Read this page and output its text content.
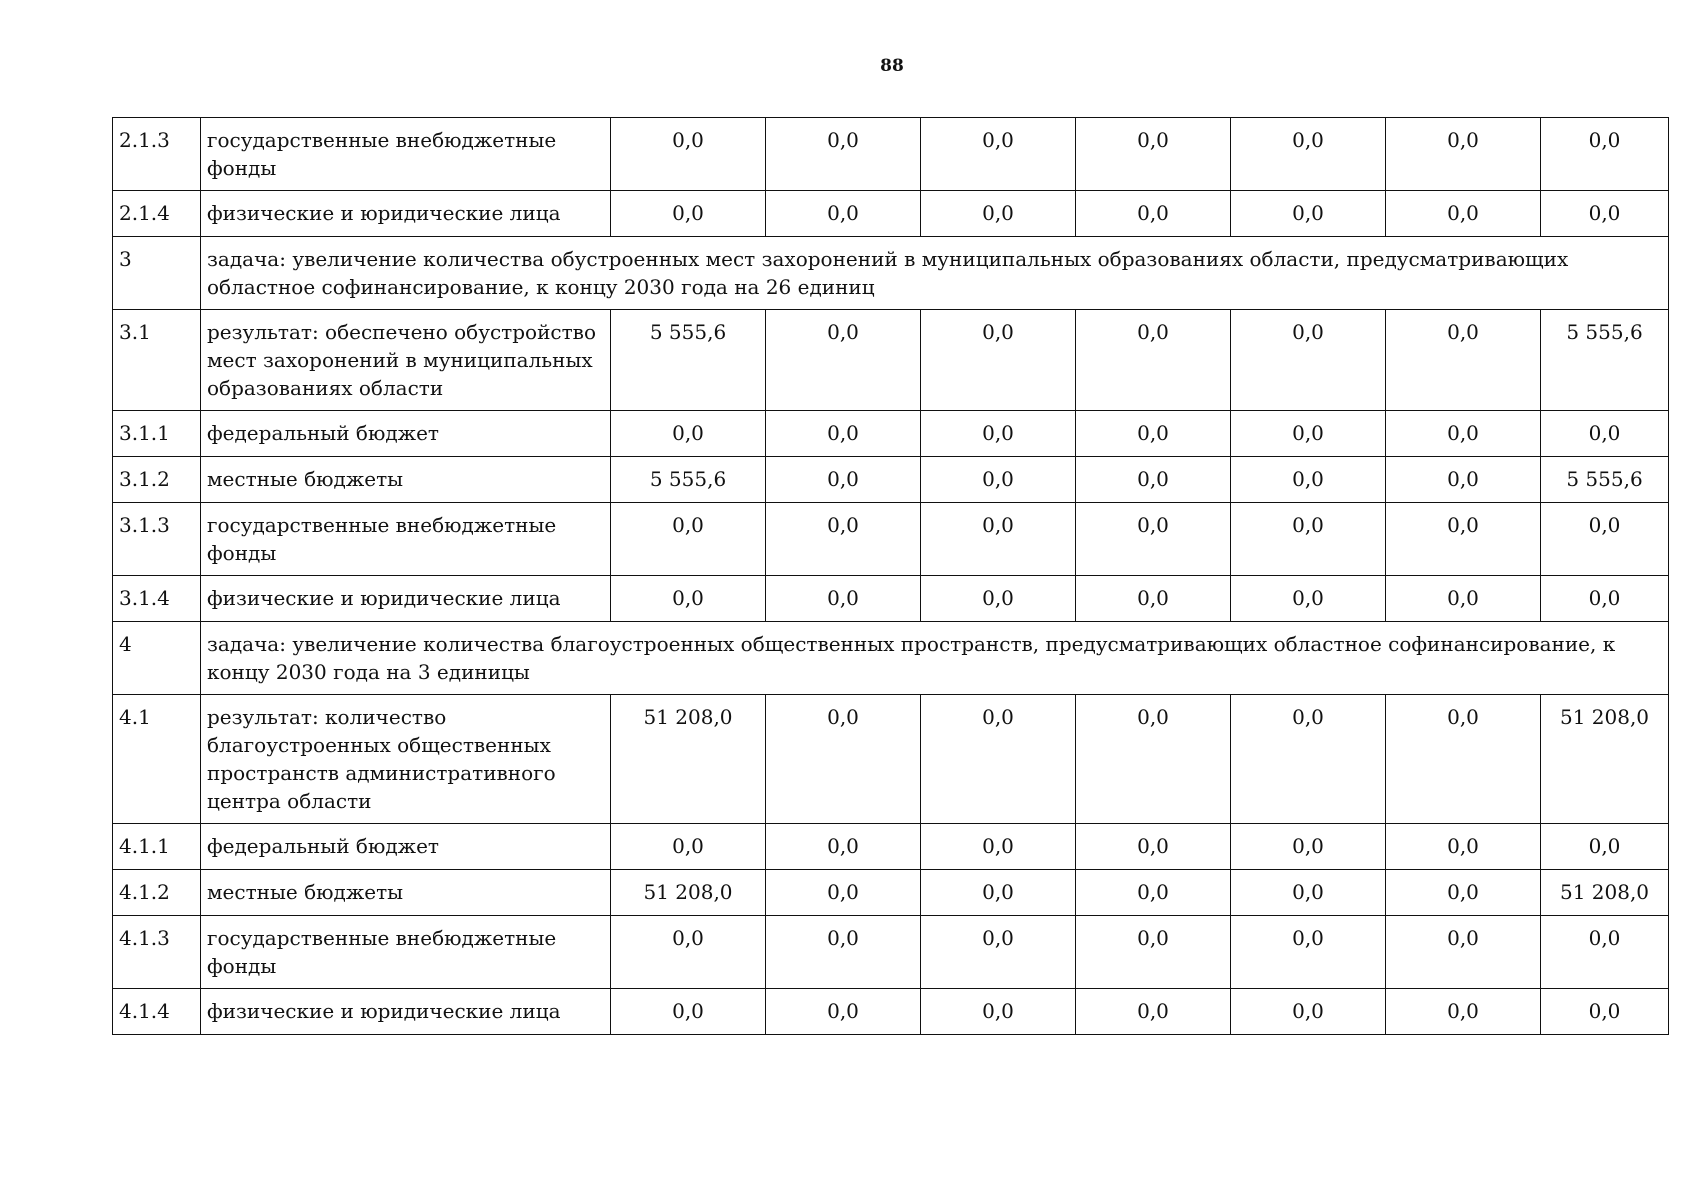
88
2.1.3	государственные внебюджетные фонды	0,0	0,0	0,0	0,0	0,0	0,0	0,0
2.1.4	физические и юридические лица	0,0	0,0	0,0	0,0	0,0	0,0	0,0
3	задача: увеличение количества обустроенных мест захоронений в муниципальных образованиях области, предусматривающих областное софинансирование, к концу 2030 года на 26 единиц							
3.1	результат: обеспечено обустройство мест захоронений в муниципальных образованиях области	5 555,6	0,0	0,0	0,0	0,0	0,0	5 555,6
3.1.1	федеральный бюджет	0,0	0,0	0,0	0,0	0,0	0,0	0,0
3.1.2	местные бюджеты	5 555,6	0,0	0,0	0,0	0,0	0,0	5 555,6
3.1.3	государственные внебюджетные фонды	0,0	0,0	0,0	0,0	0,0	0,0	0,0
3.1.4	физические и юридические лица	0,0	0,0	0,0	0,0	0,0	0,0	0,0
4	задача: увеличение количества благоустроенных общественных пространств, предусматривающих областное софинансирование, к концу 2030 года на 3 единицы							
4.1	результат: количество благоустроенных общественных пространств административного центра области	51 208,0	0,0	0,0	0,0	0,0	0,0	51 208,0
4.1.1	федеральный бюджет	0,0	0,0	0,0	0,0	0,0	0,0	0,0
4.1.2	местные бюджеты	51 208,0	0,0	0,0	0,0	0,0	0,0	51 208,0
4.1.3	государственные внебюджетные фонды	0,0	0,0	0,0	0,0	0,0	0,0	0,0
4.1.4	физические и юридические лица	0,0	0,0	0,0	0,0	0,0	0,0	0,0
